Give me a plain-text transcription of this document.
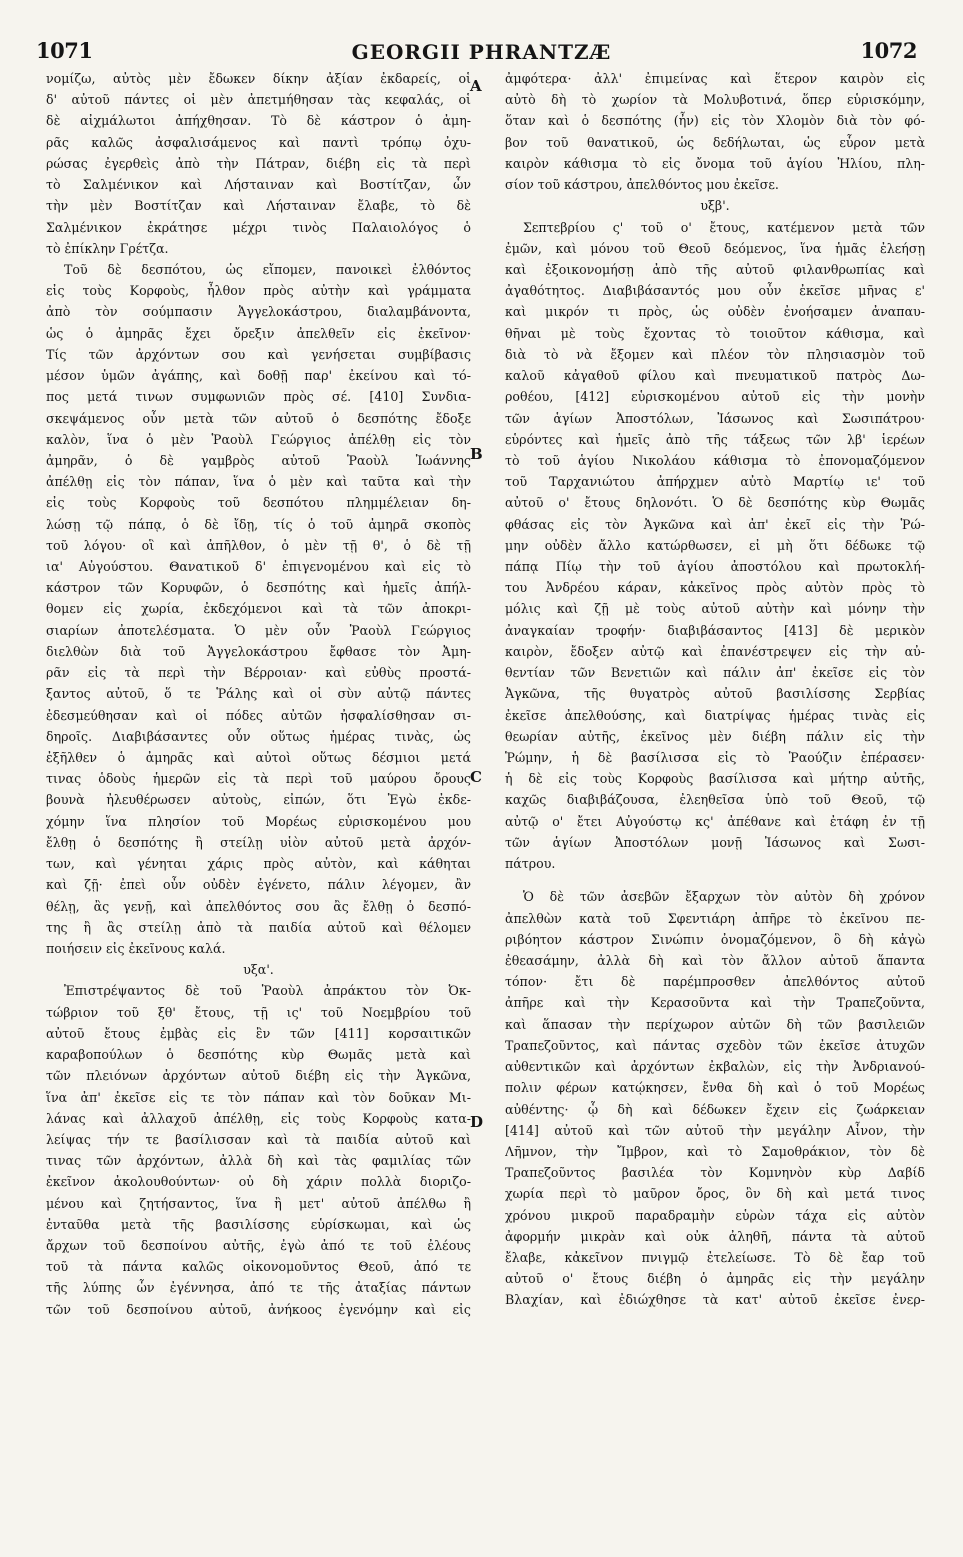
1071	GEORGII PHRANTZÆ	1072
A
B
C
D
νομίζω, αὐτὸς μὲν ἔδωκεν δίκην ἀξίαν ἐκδαρείς, οἱ
δ' αὐτοῦ πάντες οἱ μὲν ἀπετμήθησαν τὰς κεφαλάς, οἱ
δὲ αἰχμάλωτοι ἀπήχθησαν. Τὸ δὲ κάστρον ὁ ἀμη-
ρᾶς καλῶς ἀσφαλισάμενος καὶ παντὶ τρόπῳ ὀχυ-
ρώσας ἐγερθεὶς ἀπὸ τὴν Πάτραν, διέβη εἰς τὰ περὶ
τὸ Σαλμένικον καὶ Λήσταιναν καὶ Βοστίτζαν, ὧν
τὴν μὲν Βοστίτζαν καὶ Λήσταιναν ἔλαβε, τὸ δὲ
Σαλμένικον ἐκράτησε μέχρι τινὸς Παλαιολόγος ὁ
τὸ ἐπίκλην Γρέτζα.
Τοῦ δὲ δεσπότου, ὡς εἴπομεν, πανοικεὶ ἐλθόντος
εἰς τοὺς Κορφοὺς, ἦλθον πρὸς αὐτὴν καὶ γράμματα
ἀπὸ τὸν σούμπασιν Ἀγγελοκάστρου, διαλαμβάνοντα,
ὡς ὁ ἀμηρᾶς ἔχει ὄρεξιν ἀπελθεῖν εἰς ἐκεῖνον·
Τίς τῶν ἀρχόντων σου καὶ γενήσεται συμβίβασις
μέσον ὑμῶν ἀγάπης, καὶ δοθῇ παρ' ἐκείνου καὶ τό-
πος μετά τινων συμφωνιῶν πρὸς σέ. [410] Συνδια-
σκεψάμενος οὖν μετὰ τῶν αὐτοῦ ὁ δεσπότης ἔδοξε
καλὸν, ἵνα ὁ μὲν Ῥαοὺλ Γεώργιος ἀπέλθῃ εἰς τὸν
ἀμηρᾶν, ὁ δὲ γαμβρὸς αὐτοῦ Ῥαοὺλ Ἰωάννης
ἀπέλθῃ εἰς τὸν πάπαν, ἵνα ὁ μὲν καὶ ταῦτα καὶ τὴν
εἰς τοὺς Κορφοὺς τοῦ δεσπότου πλημμέλειαν δη-
λώσῃ τῷ πάπᾳ, ὁ δὲ ἴδῃ, τίς ὁ τοῦ ἀμηρᾶ σκοπὸς
τοῦ λόγου· οἳ καὶ ἀπῆλθον, ὁ μὲν τῇ θ', ὁ δὲ τῇ
ια' Αὐγούστου. Θανατικοῦ δ' ἐπιγενομένου καὶ εἰς τὸ
κάστρον τῶν Κορυφῶν, ὁ δεσπότης καὶ ἡμεῖς ἀπήλ-
θομεν εἰς χωρία, ἐκδεχόμενοι καὶ τὰ τῶν ἀποκρι-
σιαρίων ἀποτελέσματα. Ὁ μὲν οὖν Ῥαοὺλ Γεώργιος
διελθὼν διὰ τοῦ Ἀγγελοκάστρου ἔφθασε τὸν Ἀμη-
ρᾶν εἰς τὰ περὶ τὴν Βέρροιαν· καὶ εὐθὺς προστά-
ξαντος αὐτοῦ, ὅ τε Ῥάλης καὶ οἱ σὺν αὐτῷ πάντες
ἐδεσμεύθησαν καὶ οἱ πόδες αὐτῶν ἠσφαλίσθησαν σι-
δηροῖς. Διαβιβάσαντες οὖν οὕτως ἡμέρας τινὰς, ὡς
ἐξῆλθεν ὁ ἀμηρᾶς καὶ αὐτοὶ οὕτως δέσμιοι μετά
τινας ὁδοὺς ἡμερῶν εἰς τὰ περὶ τοῦ μαύρου ὄρους
βουνὰ ἠλευθέρωσεν αὐτοὺς, εἰπών, ὅτι Ἐγὼ ἐκδε-
χόμην ἵνα πλησίον τοῦ Μορέως εὑρισκομένου μου
ἔλθῃ ὁ δεσπότης ἢ στείλῃ υἱὸν αὐτοῦ μετὰ ἀρχόν-
των, καὶ γένηται χάρις πρὸς αὐτὸν, καὶ κάθηται
καὶ ζῇ· ἐπεὶ οὖν οὐδὲν ἐγένετο, πάλιν λέγομεν, ἂν
θέλῃ, ἂς γενῇ, καὶ ἀπελθόντος σου ἂς ἔλθῃ ὁ δεσπό-
της ἢ ἂς στείλῃ ἀπὸ τὰ παιδία αὐτοῦ καὶ θέλομεν
ποιήσειν εἰς ἐκεῖνους καλά.
υξα'.
Ἐπιστρέψαντος δὲ τοῦ Ῥαοὺλ ἀπράκτου τὸν Ὀκ-
τώβριον τοῦ ξθ' ἔτους, τῇ ις' τοῦ Νοεμβρίου τοῦ
αὐτοῦ ἔτους ἐμβὰς εἰς ἓν τῶν [411] κορσαιτικῶν
καραβοπούλων ὁ δεσπότης κὺρ Θωμᾶς μετὰ καὶ
τῶν πλειόνων ἀρχόντων αὐτοῦ διέβη εἰς τὴν Ἀγκῶνα,
ἵνα ἀπ' ἐκεῖσε εἰς τε τὸν πάπαν καὶ τὸν δοῦκαν Μι-
λάνας καὶ ἀλλαχοῦ ἀπέλθῃ, εἰς τοὺς Κορφοὺς κατα-
λείψας τήν τε βασίλισσαν καὶ τὰ παιδία αὐτοῦ καὶ
τινας τῶν ἀρχόντων, ἀλλὰ δὴ καὶ τὰς φαμιλίας τῶν
ἐκεῖνον ἀκολουθούντων· οὐ δὴ χάριν πολλὰ διοριζο-
μένου καὶ ζητήσαντος, ἵνα ἢ μετ' αὐτοῦ ἀπέλθω ἢ
ἐνταῦθα μετὰ τῆς βασιλίσσης εὑρίσκωμαι, καὶ ὡς
ἄρχων τοῦ δεσποίνου αὐτῆς, ἐγὼ ἀπό τε τοῦ ἐλέους
τοῦ τὰ πάντα καλῶς οἰκονομοῦντος Θεοῦ, ἀπό τε
τῆς λύπης ὧν ἐγέννησα, ἀπό τε τῆς ἀταξίας πάντων
τῶν τοῦ δεσποίνου αὐτοῦ, ἀνήκοος ἐγενόμην καὶ εἰς
ἀμφότερα· ἀλλ' ἐπιμείνας καὶ ἕτερον καιρὸν εἰς
αὐτὸ δὴ τὸ χωρίον τὰ Μολυβοτινά, ὅπερ εὑρισκόμην,
ὅταν καὶ ὁ δεσπότης (ἦν) εἰς τὸν Χλομὸν διὰ τὸν φό-
βον τοῦ θανατικοῦ, ὡς δεδήλωται, ὡς εὗρον μετὰ
καιρὸν κάθισμα τὸ εἰς ὄνομα τοῦ ἁγίου Ἠλίου, πλη-
σίον τοῦ κάστρου, ἀπελθόντος μου ἐκεῖσε.
υξβ'.
Σεπτεβρίου ς' τοῦ ο' ἔτους, κατέμενον μετὰ τῶν
ἐμῶν, καὶ μόνου τοῦ Θεοῦ δεόμενος, ἵνα ἡμᾶς ἐλεήσῃ
καὶ ἐξοικονομήσῃ ἀπὸ τῆς αὐτοῦ φιλανθρωπίας καὶ
ἀγαθότητος. Διαβιβάσαντός μου οὖν ἐκεῖσε μῆνας ε'
καὶ μικρόν τι πρὸς, ὡς οὐδὲν ἐνοήσαμεν ἀναπαυ-
θῆναι μὲ τοὺς ἔχοντας τὸ τοιοῦτον κάθισμα, καὶ
διὰ τὸ νὰ ἔξομεν καὶ πλέον τὸν πλησιασμὸν τοῦ
καλοῦ κἀγαθοῦ φίλου καὶ πνευματικοῦ πατρὸς Δω-
ροθέου, [412] εὑρισκομένου αὐτοῦ εἰς τὴν μονὴν
τῶν ἁγίων Ἀποστόλων, Ἰάσωνος καὶ Σωσιπάτρου·
εὑρόντες καὶ ἡμεῖς ἀπὸ τῆς τάξεως τῶν λβ' ἱερέων
τὸ τοῦ ἁγίου Νικολάου κάθισμα τὸ ἐπονομαζόμενον
τοῦ Ταρχανιώτου ἀπήρχμεν αὐτὸ Μαρτίῳ ιε' τοῦ
αὐτοῦ ο' ἔτους δηλονότι. Ὁ δὲ δεσπότης κὺρ Θωμᾶς
φθάσας εἰς τὸν Ἀγκῶνα καὶ ἀπ' ἐκεῖ εἰς τὴν Ῥώ-
μην οὐδὲν ἄλλο κατώρθωσεν, εἰ μὴ ὅτι δέδωκε τῷ
πάπᾳ Πίῳ τὴν τοῦ ἁγίου ἀποστόλου καὶ πρωτοκλή-
του Ἀνδρέου κάραν, κἀκεῖνος πρὸς αὐτὸν πρὸς τὸ
μόλις καὶ ζῇ μὲ τοὺς αὐτοῦ αὐτὴν καὶ μόνην τὴν
ἀναγκαίαν τροφήν· διαβιβάσαντος [413] δὲ μερικὸν
καιρὸν, ἔδοξεν αὐτῷ καὶ ἐπανέστρεψεν εἰς τὴν αὐ-
θεντίαν τῶν Βενετιῶν καὶ πάλιν ἀπ' ἐκεῖσε εἰς τὸν
Ἀγκῶνα, τῆς θυγατρὸς αὐτοῦ βασιλίσσης Σερβίας
ἐκεῖσε ἀπελθούσης, καὶ διατρίψας ἡμέρας τινὰς εἰς
θεωρίαν αὐτῆς, ἐκεῖνος μὲν διέβη πάλιν εἰς τὴν
Ῥώμην, ἡ δὲ βασίλισσα εἰς τὸ Ῥαούζιν ἐπέρασεν·
ἡ δὲ εἰς τοὺς Κορφοὺς βασίλισσα καὶ μήτηρ αὐτῆς,
καχῶς διαβιβάζουσα, ἐλεηθεῖσα ὑπὸ τοῦ Θεοῦ, τῷ
αὐτῷ ο' ἔτει Αὐγούστῳ κς' ἀπέθανε καὶ ἐτάφη ἐν τῇ
τῶν ἁγίων Ἀποστόλων μονῇ Ἰάσωνος καὶ Σωσι-
πάτρου.
Ὁ δὲ τῶν ἀσεβῶν ἔξαρχων τὸν αὐτὸν δὴ χρόνον
ἀπελθὼν κατὰ τοῦ Σφεντιάρη ἀπῆρε τὸ ἐκεῖνου πε-
ριβόητον κάστρον Σινώπιν ὀνομαζόμενον, ὃ δὴ κἀγὼ
ἐθεασάμην, ἀλλὰ δὴ καὶ τὸν ἄλλον αὐτοῦ ἅπαντα
τόπον· ἔτι δὲ παρέμπροσθεν ἀπελθόντος αὐτοῦ
ἀπῆρε καὶ τὴν Κερασοῦντα καὶ τὴν Τραπεζοῦντα,
καὶ ἅπασαν τὴν περίχωρον αὐτῶν δὴ τῶν βασιλειῶν
Τραπεζοῦντος, καὶ πάντας σχεδὸν τῶν ἐκεῖσε ἀτυχῶν
αὐθεντικῶν καὶ ἀρχόντων ἐκβαλὼν, εἰς τὴν Ἀνδριανού-
πολιν φέρων κατῴκησεν, ἔνθα δὴ καὶ ὁ τοῦ Μορέως
αὐθέντης· ᾧ δὴ καὶ δέδωκεν ἔχειν εἰς ζωάρκειαν
[414] αὐτοῦ καὶ τῶν αὐτοῦ τὴν μεγάλην Αἶνον, τὴν
Λῆμνον, τὴν Ἴμβρον, καὶ τὸ Σαμοθράκιον, τὸν δὲ
Τραπεζοῦντος βασιλέα τὸν Κομνηνὸν κὺρ Δαβίδ
χωρία περὶ τὸ μαῦρον ὄρος, ὃν δὴ καὶ μετά τινος
χρόνου μικροῦ παραδραμὴν εὑρὼν τάχα εἰς αὐτὸν
ἀφορμήν μικρὰν καὶ οὐκ ἀληθῆ, πάντα τὰ αὐτοῦ
ἔλαβε, κἀκεῖνον πνιγμῷ ἐτελείωσε. Τὸ δὲ ἔαρ τοῦ
αὐτοῦ ο' ἔτους διέβη ὁ ἀμηρᾶς εἰς τὴν μεγάλην
Βλαχίαν, καὶ ἐδιώχθησε τὰ κατ' αὐτοῦ ἐκεῖσε ἐνερ-
